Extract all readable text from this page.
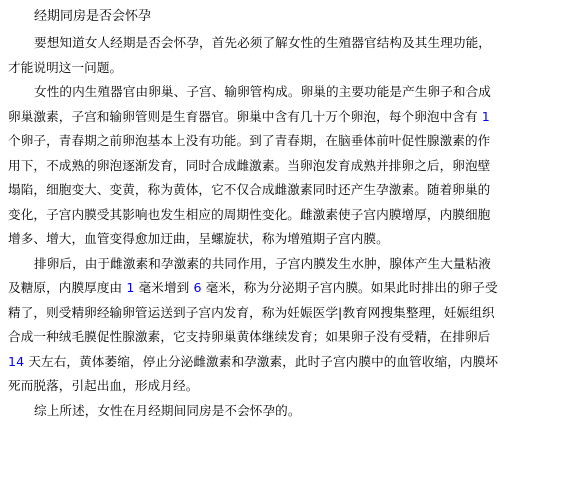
经期同房是否会怀孕
要想知道女人经期是否会怀孕，首先必须了解女性的生殖器官结构及其生理功能，
才能说明这一问题。
女性的内生殖器官由卵巢、子宫、输卵管构成。卵巢的主要功能是产生卵子和合成
卵巢激素，子宫和输卵管则是生育器官。卵巢中含有几十万个卵泡，每个卵泡中含有 1
个卵子，青春期之前卵泡基本上没有功能。到了青春期，在脑垂体前叶促性腺激素的作
用下，不成熟的卵泡逐渐发育，同时合成雌激素。当卵泡发育成熟并排卵之后，卵泡壁
塌陷，细胞变大、变黄，称为黄体，它不仅合成雌激素同时还产生孕激素。随着卵巢的
变化，子宫内膜受其影响也发生相应的周期性变化。雌激素使子宫内膜增厚，内膜细胞
增多、增大，血管变得愈加迂曲，呈螺旋状，称为增殖期子宫内膜。
排卵后，由于雌激素和孕激素的共同作用，子宫内膜发生水肿，腺体产生大量粘液
及糖原，内膜厚度由 1 毫米增到 6 毫米，称为分泌期子宫内膜。如果此时排出的卵子受
精了，则受精卵经输卵管运送到子宫内发育，称为妊娠医学|教育网搜集整理，妊娠组织
合成一种绒毛膜促性腺激素，它支持卵巢黄体继续发育；如果卵子没有受精，在排卵后
14 天左右，黄体萎缩，停止分泌雌激素和孕激素，此时子宫内膜中的血管收缩，内膜坏
死而脱落，引起出血，形成月经。
综上所述，女性在月经期间同房是不会怀孕的。
